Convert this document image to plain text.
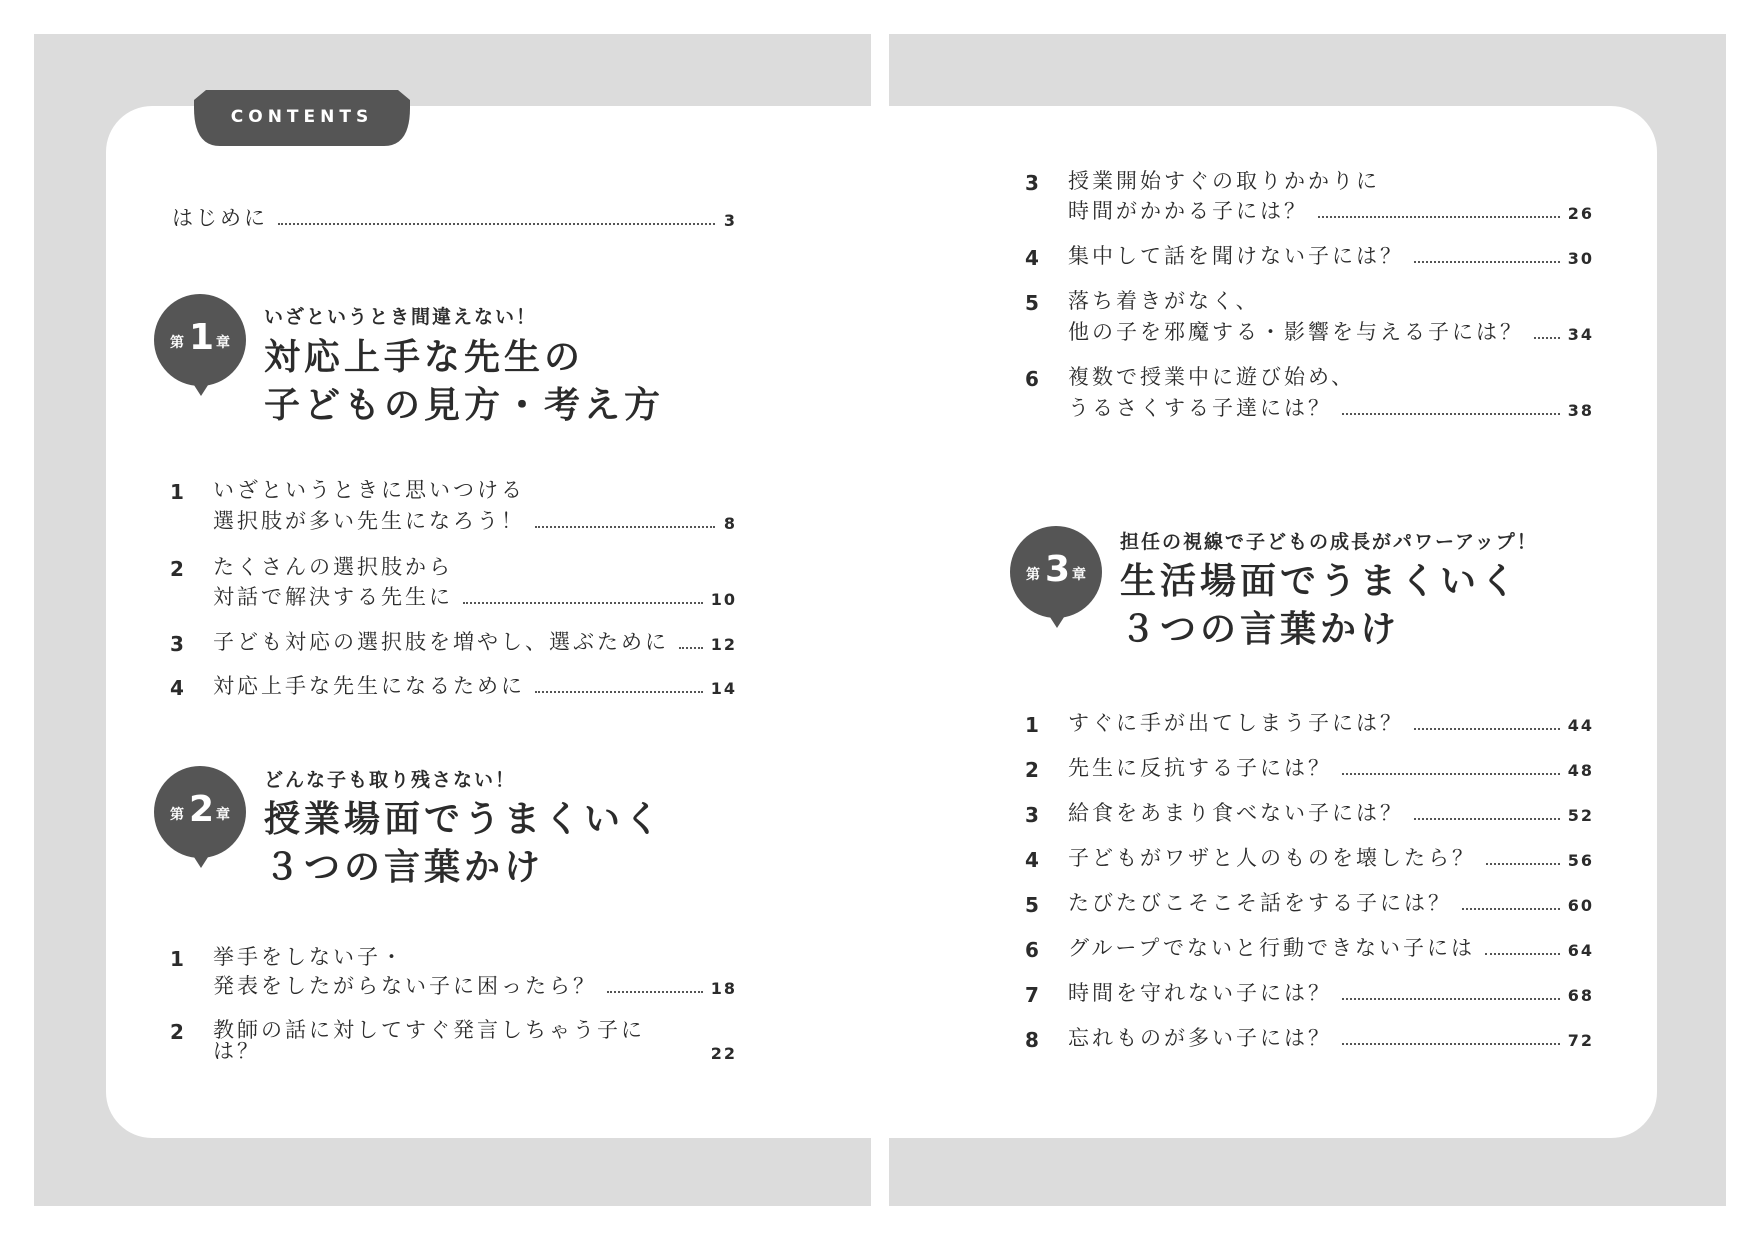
CONTENTS
はじめに	3
第 1 章
いざというとき間違えない！
対応上手な先生の
子どもの見方・考え方
1 いざというときに思いつける
選択肢が多い先生になろう！	8
2 たくさんの選択肢から
対話で解決する先生に	10
3 子ども対応の選択肢を増やし、選ぶために	12
4 対応上手な先生になるために	14
第 2 章
どんな子も取り残さない！
授業場面でうまくいく
３つの言葉かけ
1 挙手をしない子・
発表をしたがらない子に困ったら？	18
2 教師の話に対してすぐ発言しちゃう子には？	22
3 授業開始すぐの取りかかりに
時間がかかる子には？	26
4 集中して話を聞けない子には？	30
5 落ち着きがなく、
他の子を邪魔する・影響を与える子には？	34
6 複数で授業中に遊び始め、
うるさくする子達には？	38
第 3 章
担任の視線で子どもの成長がパワーアップ！
生活場面でうまくいく
３つの言葉かけ
1 すぐに手が出てしまう子には？	44
2 先生に反抗する子には？	48
3 給食をあまり食べない子には？	52
4 子どもがワザと人のものを壊したら？	56
5 たびたびこそこそ話をする子には？	60
6 グループでないと行動できない子には	64
7 時間を守れない子には？	68
8 忘れものが多い子には？	72
